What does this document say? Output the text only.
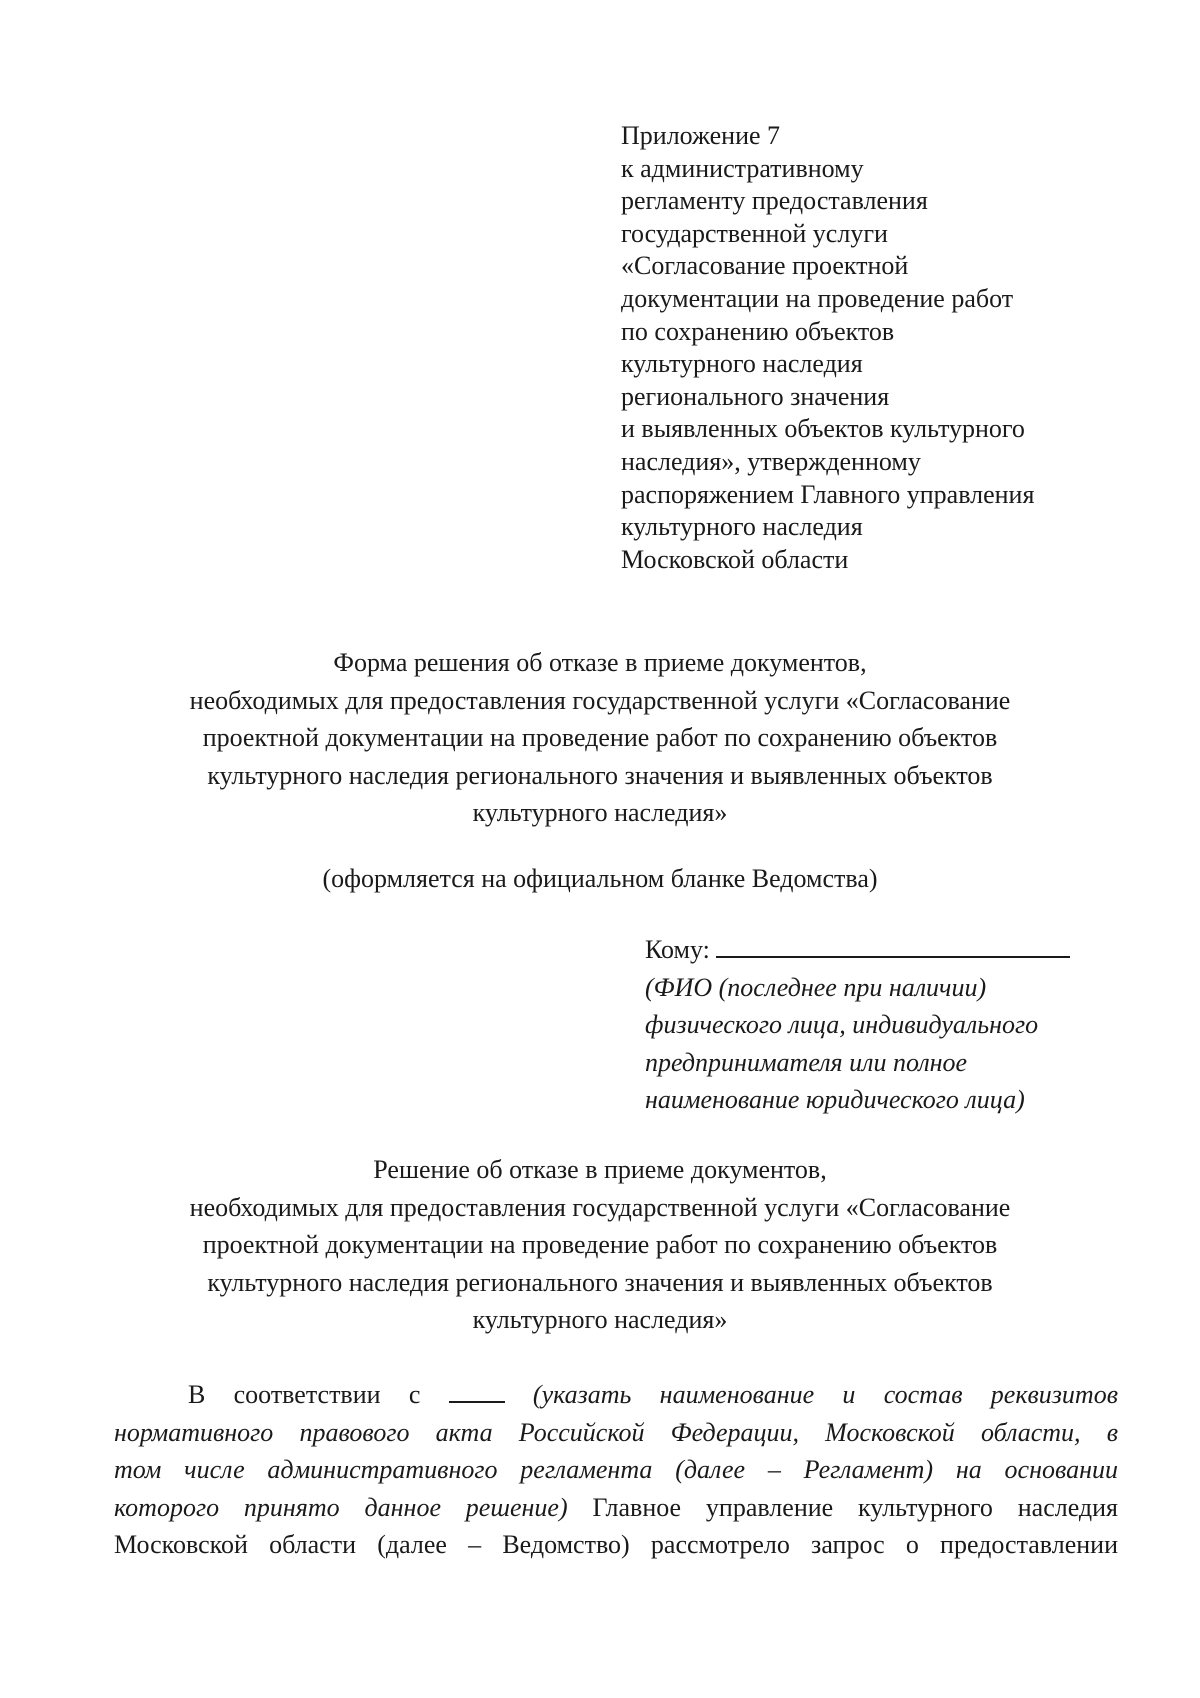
Приложение 7
к административному
регламенту предоставления
государственной услуги
«Согласование проектной
документации на проведение работ
по сохранению объектов
культурного наследия
регионального значения
и выявленных объектов культурного
наследия», утвержденному
распоряжением Главного управления
культурного наследия
Московской области
Форма решения об отказе в приеме документов,
необходимых для предоставления государственной услуги «Согласование
проектной документации на проведение работ по сохранению объектов
культурного наследия регионального значения и выявленных объектов
культурного наследия»
(оформляется на официальном бланке Ведомства)
Кому:
(ФИО (последнее при наличии)
физического лица, индивидуального
предпринимателя или полное
наименование юридического лица)
Решение об отказе в приеме документов,
необходимых для предоставления государственной услуги «Согласование
проектной документации на проведение работ по сохранению объектов
культурного наследия регионального значения и выявленных объектов
культурного наследия»
В соответствии с	(указать наименование и состав реквизитов
нормативного правового акта Российской Федерации, Московской области, в
том числе административного регламента (далее – Регламент) на основании
которого принято данное решение) Главное управление культурного наследия
Московской области (далее – Ведомство) рассмотрело запрос о предоставлении
